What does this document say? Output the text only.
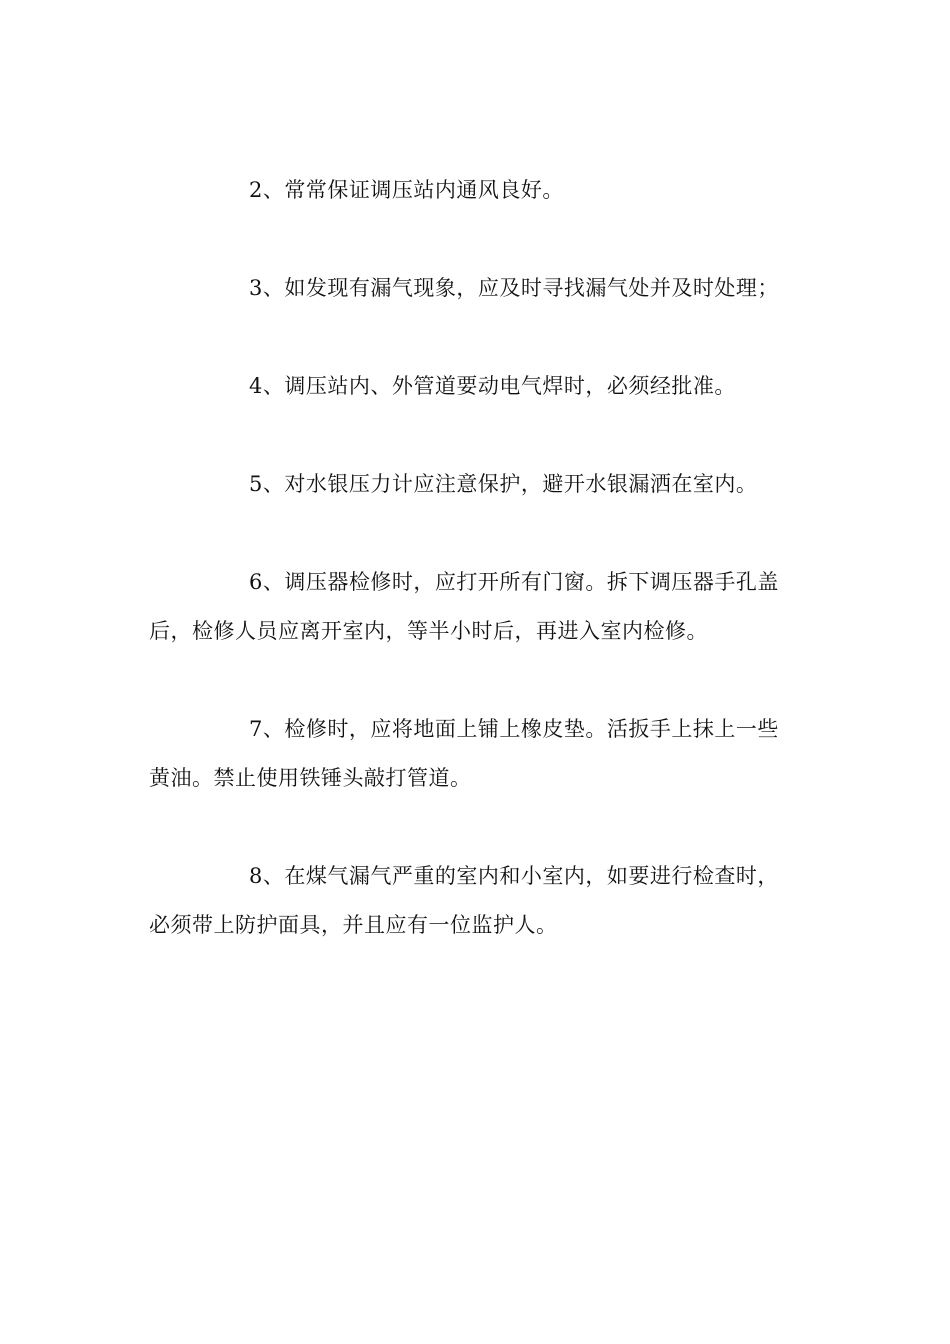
2、常常保证调压站内通风良好。

3、如发现有漏气现象，应及时寻找漏气处并及时处理；

4、调压站内、外管道要动电气焊时，必须经批准。

5、对水银压力计应注意保护，避开水银漏洒在室内。

6、调压器检修时，应打开所有门窗。拆下调压器手孔盖后，检修人员应离开室内，等半小时后，再进入室内检修。

7、检修时，应将地面上铺上橡皮垫。活扳手上抹上一些黄油。禁止使用铁锤头敲打管道。

8、在煤气漏气严重的室内和小室内，如要进行检查时，必须带上防护面具，并且应有一位监护人。
